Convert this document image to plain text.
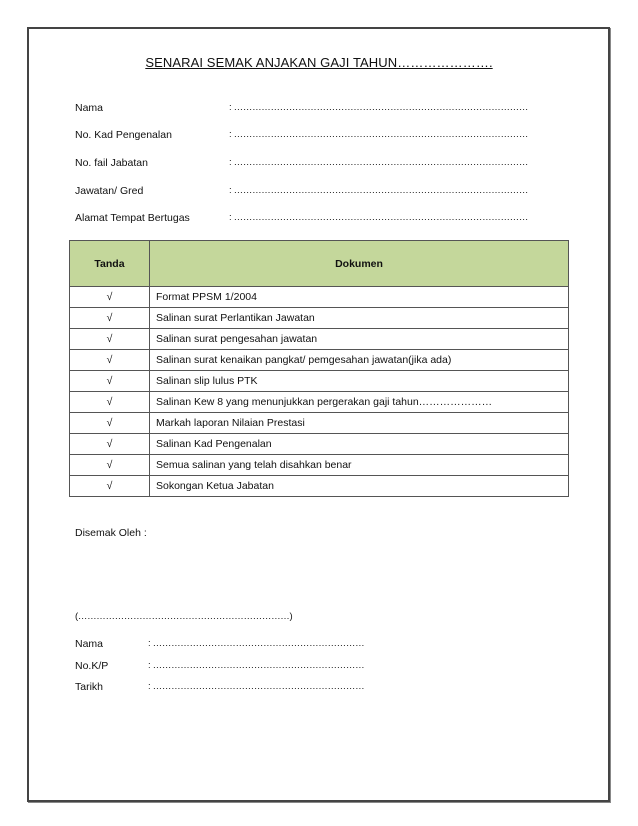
SENARAI SEMAK ANJAKAN GAJI TAHUN………………….
Nama	: ……………………………………………………………………………………
No. Kad Pengenalan	: ……………………………………………………………………………………
No. fail Jabatan	: ……………………………………………………………………………………
Jawatan/ Gred	: ……………………………………………………………………………………
Alamat Tempat Bertugas	: ……………………………………………………………………………………
Tanda	Dokumen
√	Format PPSM 1/2004
√	Salinan surat Perlantikan Jawatan
√	Salinan surat pengesahan jawatan
√	Salinan surat kenaikan pangkat/ pemgesahan jawatan(jika ada)
√	Salinan slip lulus PTK
√	Salinan Kew 8 yang menunjukkan pergerakan gaji tahun…………………
√	Markah laporan Nilaian Prestasi
√	Salinan Kad Pengenalan
√	Semua salinan yang telah disahkan benar
√	Sokongan Ketua Jabatan
Disemak Oleh :
(……………………………………………………………)
Nama	: ……………………………………………………………
No.K/P	: ……………………………………………………………
Tarikh	: ……………………………………………………………
